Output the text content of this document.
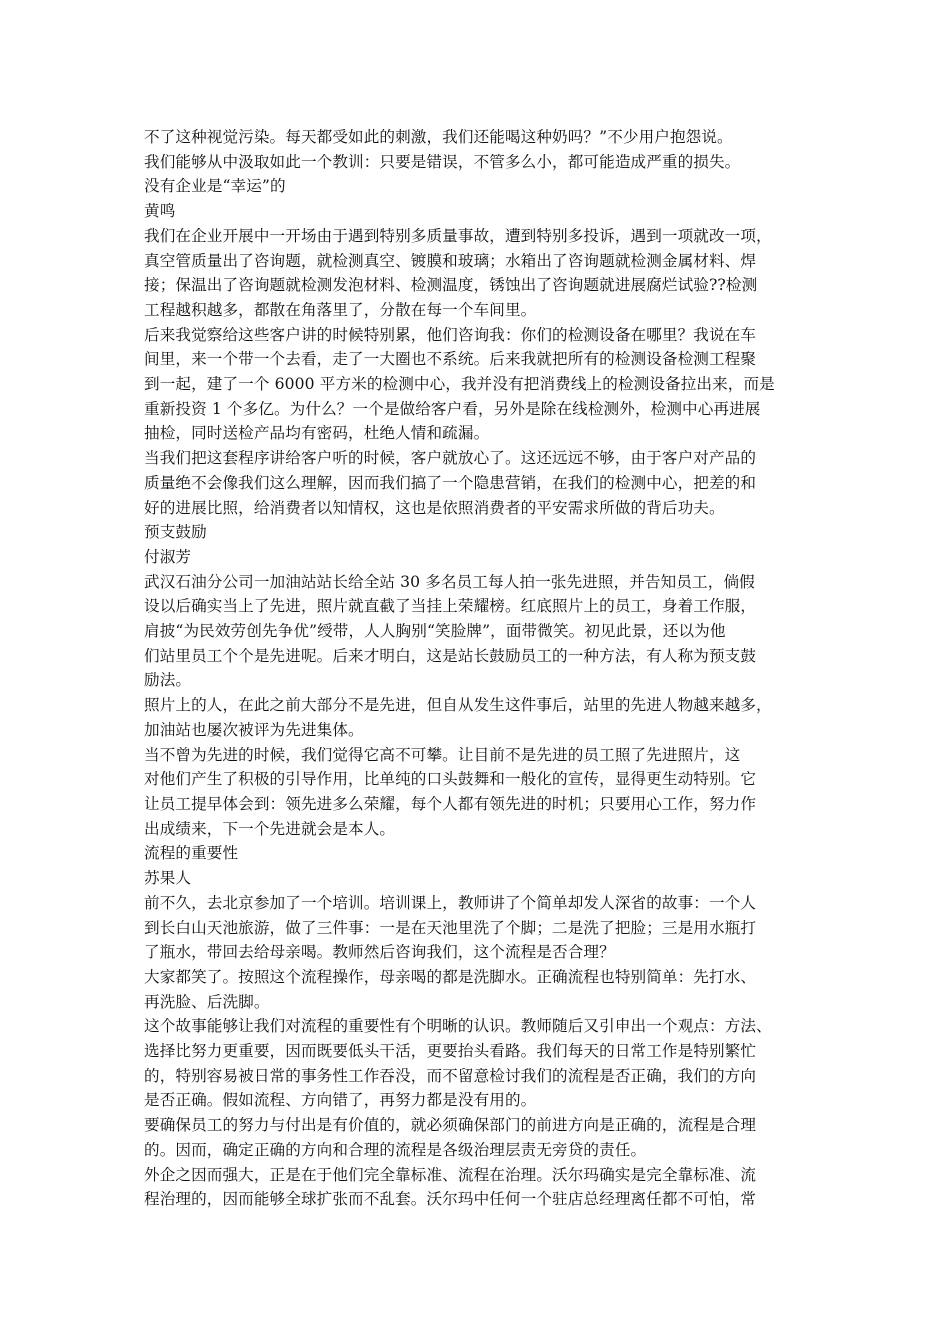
不了这种视觉污染。每天都受如此的刺激，我们还能喝这种奶吗？”不少用户抱怨说。

我们能够从中汲取如此一个教训：只要是错误，不管多么小，都可能造成严重的损失。

没有企业是“幸运”的

黄鸣

我们在企业开展中一开场由于遇到特别多质量事故，遭到特别多投诉，遇到一项就改一项，

真空管质量出了咨询题，就检测真空、镀膜和玻璃；水箱出了咨询题就检测金属材料、焊

接；保温出了咨询题就检测发泡材料、检测温度，锈蚀出了咨询题就进展腐烂试验??检测

工程越积越多，都散在角落里了，分散在每一个车间里。

后来我觉察给这些客户讲的时候特别累，他们咨询我：你们的检测设备在哪里？我说在车

间里，来一个带一个去看，走了一大圈也不系统。后来我就把所有的检测设备检测工程聚

到一起，建了一个 6000 平方米的检测中心，我并没有把消费线上的检测设备拉出来，而是

重新投资 1 个多亿。为什么？一个是做给客户看，另外是除在线检测外，检测中心再进展

抽检，同时送检产品均有密码，杜绝人情和疏漏。

当我们把这套程序讲给客户听的时候，客户就放心了。这还远远不够，由于客户对产品的

质量绝不会像我们这么理解，因而我们搞了一个隐患营销，在我们的检测中心，把差的和

好的进展比照，给消费者以知情权，这也是依照消费者的平安需求所做的背后功夫。

预支鼓励

付淑芳

武汉石油分公司一加油站站长给全站 30 多名员工每人拍一张先进照，并告知员工，倘假

设以后确实当上了先进，照片就直截了当挂上荣耀榜。红底照片上的员工，身着工作服，

肩披“为民效劳创先争优”绶带，人人胸别“笑脸牌”，面带微笑。初见此景，还以为他

们站里员工个个是先进呢。后来才明白，这是站长鼓励员工的一种方法，有人称为预支鼓

励法。

照片上的人，在此之前大部分不是先进，但自从发生这件事后，站里的先进人物越来越多，

加油站也屡次被评为先进集体。

当不曾为先进的时候，我们觉得它高不可攀。让目前不是先进的员工照了先进照片，这

对他们产生了积极的引导作用，比单纯的口头鼓舞和一般化的宣传，显得更生动特别。它

让员工提早体会到：领先进多么荣耀，每个人都有领先进的时机；只要用心工作，努力作

出成绩来，下一个先进就会是本人。

流程的重要性

苏果人

前不久，去北京参加了一个培训。培训课上，教师讲了个简单却发人深省的故事：一个人

到长白山天池旅游，做了三件事：一是在天池里洗了个脚；二是洗了把脸；三是用水瓶打

了瓶水，带回去给母亲喝。教师然后咨询我们，这个流程是否合理？

大家都笑了。按照这个流程操作，母亲喝的都是洗脚水。正确流程也特别简单：先打水、

再洗脸、后洗脚。

这个故事能够让我们对流程的重要性有个明晰的认识。教师随后又引申出一个观点：方法、

选择比努力更重要，因而既要低头干活，更要抬头看路。我们每天的日常工作是特别繁忙

的，特别容易被日常的事务性工作吞没，而不留意检讨我们的流程是否正确，我们的方向

是否正确。假如流程、方向错了，再努力都是没有用的。

要确保员工的努力与付出是有价值的，就必须确保部门的前进方向是正确的，流程是合理

的。因而，确定正确的方向和合理的流程是各级治理层责无旁贷的责任。

外企之因而强大，正是在于他们完全靠标准、流程在治理。沃尔玛确实是完全靠标准、流

程治理的，因而能够全球扩张而不乱套。沃尔玛中任何一个驻店总经理离任都不可怕，常
